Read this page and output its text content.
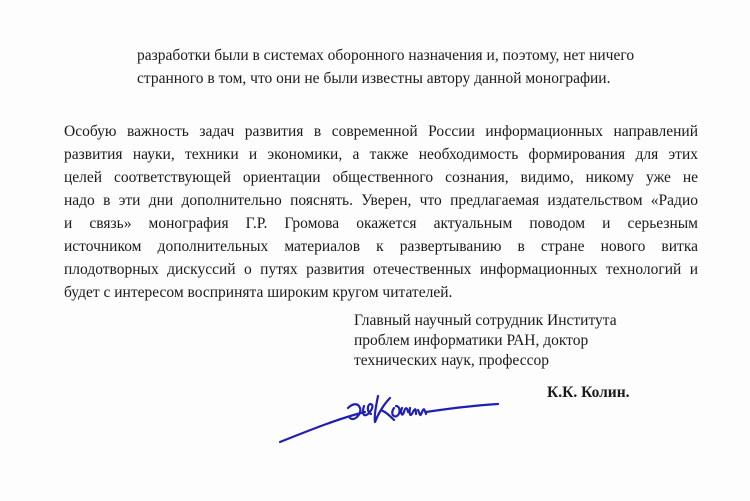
разработки были в системах оборонного назначения и, поэтому, нет ничего
странного в том, что они не были известны автору данной монографии.
Особую важность задач развития в современной России информационных направлений
развития науки, техники и экономики, а также необходимость формирования для этих
целей соответствующей ориентации общественного сознания, видимо, никому уже не
надо в эти дни дополнительно пояснять. Уверен, что предлагаемая издательством «Радио
и связь» монография Г.Р. Громова окажется актуальным поводом и серьезным
источником дополнительных материалов к развертыванию в стране нового витка
плодотворных дискуссий о путях развития отечественных информационных технологий и
будет с интересом воспринята широким кругом читателей.
Главный научный сотрудник Института
проблем информатики РАН, доктор
технических наук, профессор
К.К. Колин.
